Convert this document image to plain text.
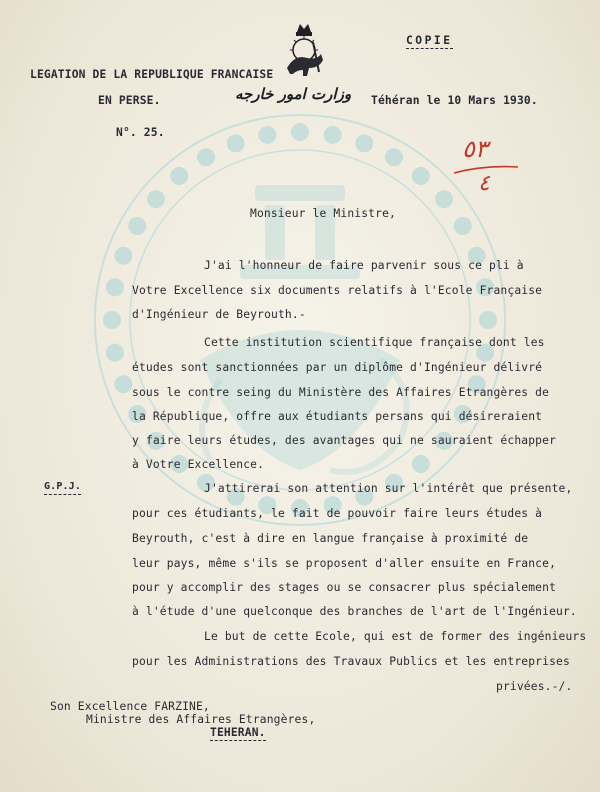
COPIE
LEGATION DE LA REPUBLIQUE FRANCAISE
EN PERSE.	وزارت امور خارجه Téhéran le 10 Mars 1930.
N°. 25.
٥٣
٤
Monsieur le Ministre,
J'ai l'honneur de faire parvenir sous ce pli à
Votre Excellence six documents relatifs à l'Ecole Française
d'Ingénieur de Beyrouth.-
Cette institution scientifique française dont les
études sont sanctionnées par un diplôme d'Ingénieur délivré
sous le contre seing du Ministère des Affaires Etrangères de
la République, offre aux étudiants persans qui désireraient
y faire leurs études, des avantages qui ne sauraient échapper
à Votre Excellence.
G.P.J.	J'attirerai son attention sur l'intérêt que présente,
pour ces étudiants, le fait de pouvoir faire leurs études à
Beyrouth, c'est à dire en langue française à proximité de
leur pays, même s'ils se proposent d'aller ensuite en France,
pour y accomplir des stages ou se consacrer plus spécialement
à l'étude d'une quelconque des branches de l'art de l'Ingénieur.
Le but de cette Ecole, qui est de former des ingénieurs
pour les Administrations des Travaux Publics et les entreprises
privées.-/.
Son Excellence FARZINE,
Ministre des Affaires Etrangères,
TEHERAN.
